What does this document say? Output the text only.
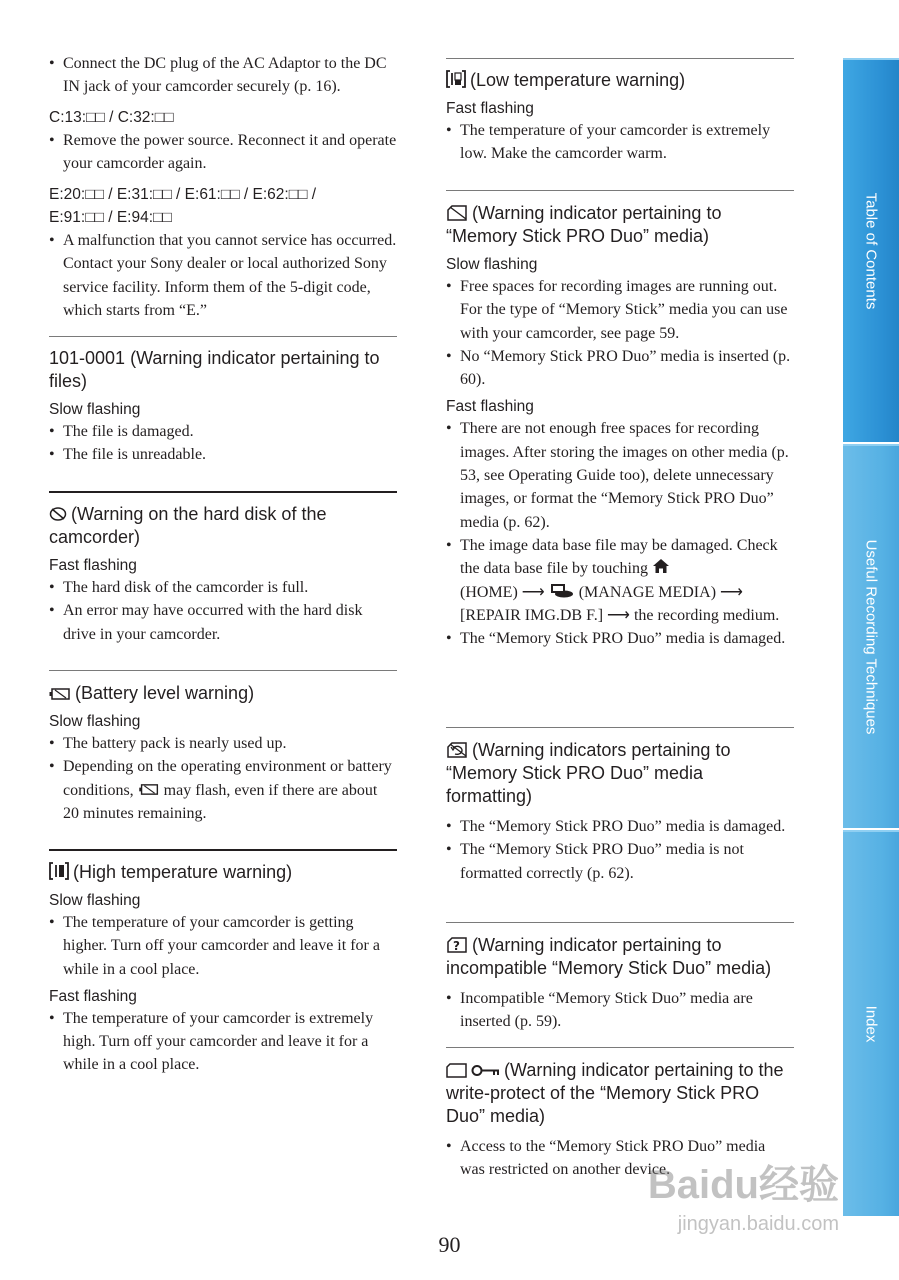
• Connect the DC plug of the AC Adaptor to the DC IN jack of your camcorder securely (p. 16).

C:13:□□ / C:32:□□

• Remove the power source. Reconnect it and operate your camcorder again.

E:20:□□ / E:31:□□ / E:61:□□ / E:62:□□ /

E:91:□□ / E:94:□□

• A malfunction that you cannot service has occurred. Contact your Sony dealer or local authorized Sony service facility. Inform them of the 5-digit code, which starts from “E.”

101-0001 (Warning indicator pertaining to files)

Slow flashing

• The file is damaged.
• The file is unreadable.

(Warning on the hard disk of the camcorder)

Fast flashing

• The hard disk of the camcorder is full.
• An error may have occurred with the hard disk drive in your camcorder.

(Battery level warning)

Slow flashing

• The battery pack is nearly used up.
• Depending on the operating environment or battery conditions, may flash, even if there are about 20 minutes remaining.

(High temperature warning)

Slow flashing

• The temperature of your camcorder is getting higher. Turn off your camcorder and leave it for a while in a cool place.

Fast flashing

• The temperature of your camcorder is extremely high. Turn off your camcorder and leave it for a while in a cool place.

(Low temperature warning)

Fast flashing

• The temperature of your camcorder is extremely low. Make the camcorder warm.

(Warning indicator pertaining to “Memory Stick PRO Duo” media)

Slow flashing

• Free spaces for recording images are running out. For the type of “Memory Stick” media you can use with your camcorder, see page 59.
• No “Memory Stick PRO Duo” media is inserted (p. 60).

Fast flashing

• There are not enough free spaces for recording images. After storing the images on other media (p. 53, see Operating Guide too), delete unnecessary images, or format the “Memory Stick PRO Duo” media (p. 62).
• The image data base file may be damaged. Check the data base file by touching

(HOME) ⟶ (MANAGE MEDIA) ⟶
[REPAIR IMG.DB F.] ⟶ the recording medium.
• The “Memory Stick PRO Duo” media is damaged.

(Warning indicators pertaining to “Memory Stick PRO Duo” media formatting)

• The “Memory Stick PRO Duo” media is damaged.
• The “Memory Stick PRO Duo” media is not formatted correctly (p. 62).

? (Warning indicator pertaining to incompatible “Memory Stick Duo” media)

• Incompatible “Memory Stick Duo” media are inserted (p. 59).

(Warning indicator pertaining to the write-protect of the “Memory Stick PRO Duo” media)

• Access to the “Memory Stick PRO Duo” media was restricted on another device.
Table of Contents
Useful Recording Techniques
Index
90
Baidu经验
jingyan.baidu.com
